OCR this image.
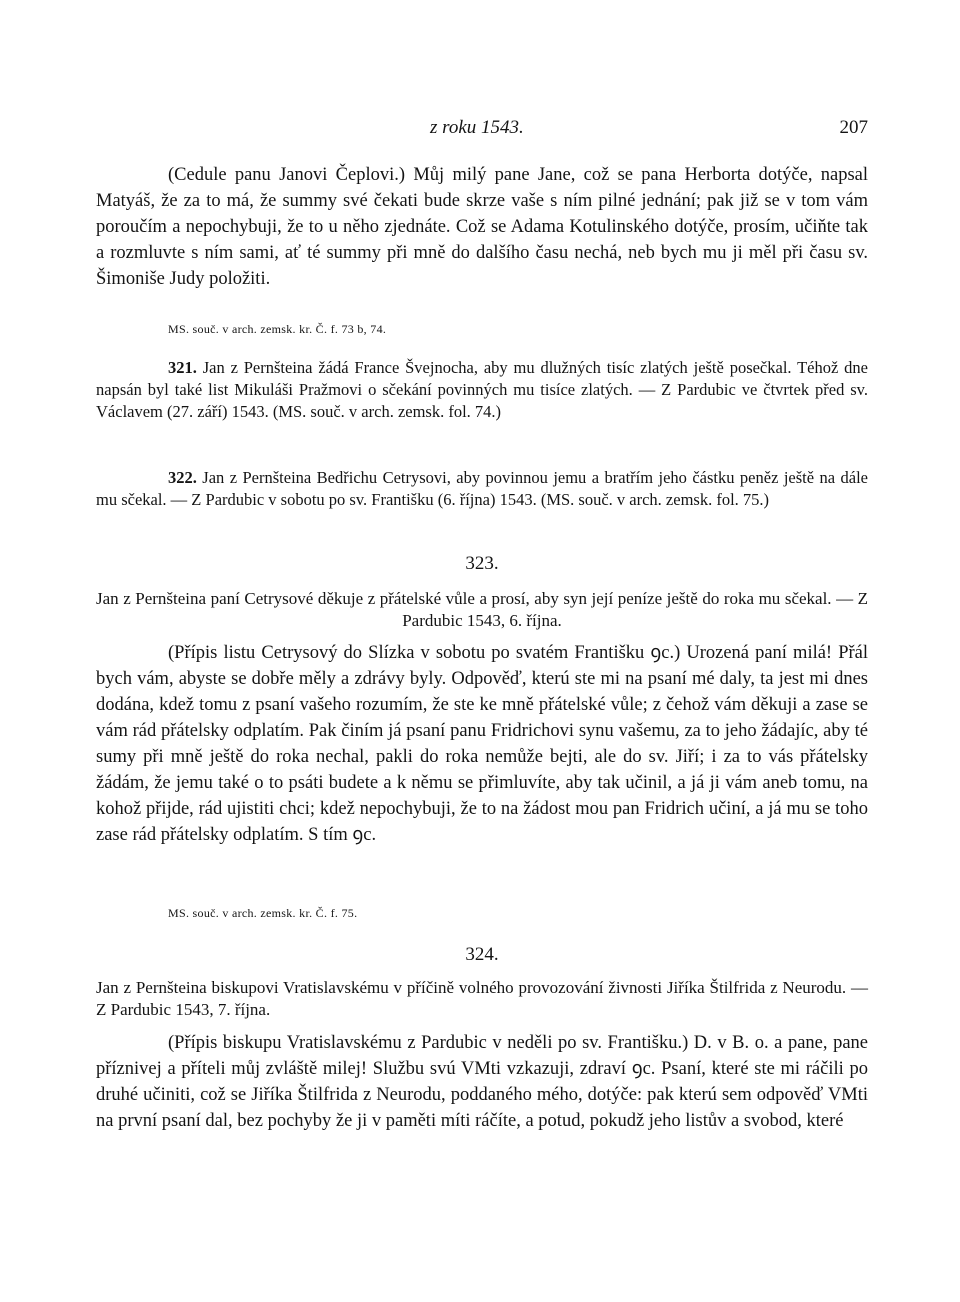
z roku 1543.	207

(Cedule panu Janovi Čeplovi.) Můj milý pane Jane, což se pana Herborta dotýče, napsal Matyáš, že za to má, že summy své čekati bude skrze vaše s ním pilné jednání; pak již se v tom vám poroučím a nepochybuji, že to u něho zjednáte. Což se Adama Kotulinského dotýče, prosím, učiňte tak a rozmluvte s ním sami, ať té summy při mně do dalšího času nechá, neb bych mu ji měl při času sv. Šimoniše Judy položiti.

MS. souč. v arch. zemsk. kr. Č. f. 73 b, 74.

321. Jan z Pernšteina žádá France Švejnocha, aby mu dlužných tisíc zlatých ještě posečkal. Téhož dne napsán byl také list Mikuláši Pražmovi o sčekání povinných mu tisíce zlatých. — Z Pardubic ve čtvrtek před sv. Václavem (27. září) 1543. (MS. souč. v arch. zemsk. fol. 74.)

322. Jan z Pernšteina Bedřichu Cetrysovi, aby povinnou jemu a bratřím jeho částku peněz ještě na dále mu sčekal. — Z Pardubic v sobotu po sv. Františku (6. října) 1543. (MS. souč. v arch. zemsk. fol. 75.)

323.

Jan z Pernšteina paní Cetrysové děkuje z přátelské vůle a prosí, aby syn její peníze ještě do roka mu sčekal. — Z Pardubic 1543, 6. října.

(Přípis listu Cetrysový do Slízka v sobotu po svatém Františku ꝯc.) Urozená paní milá! Přál bych vám, abyste se dobře měly a zdrávy byly. Odpověď, kterú ste mi na psaní mé daly, ta jest mi dnes dodána, kdež tomu z psaní vašeho rozumím, že ste ke mně přátelské vůle; z čehož vám děkuji a zase se vám rád přátelsky odplatím. Pak činím já psaní panu Fridrichovi synu vašemu, za to jeho žádajíc, aby té sumy při mně ještě do roka nechal, pakli do roka nemůže bejti, ale do sv. Jiří; i za to vás přátelsky žádám, že jemu také o to psáti budete a k němu se přimluvíte, aby tak učinil, a já ji vám aneb tomu, na kohož přijde, rád ujistiti chci; kdež nepochybuji, že to na žádost mou pan Fridrich učiní, a já mu se toho zase rád přátelsky odplatím. S tím ꝯc.

MS. souč. v arch. zemsk. kr. Č. f. 75.
324.

Jan z Pernšteina biskupovi Vratislavskému v příčině volného provozování živnosti Jiříka Štilfrida z Neurodu. — Z Pardubic 1543, 7. října.

(Přípis biskupu Vratislavskému z Pardubic v neděli po sv. Františku.) D. v B. o. a pane, pane příznivej a příteli můj zvláště milej! Službu svú VMti vzkazuji, zdraví ꝯc. Psaní, které ste mi ráčili po druhé učiniti, což se Jiříka Štilfrida z Neurodu, poddaného mého, dotýče: pak kterú sem odpověď VMti na první psaní dal, bez pochyby že ji v paměti míti ráčíte, a potud, pokudž jeho listův a svobod, které
